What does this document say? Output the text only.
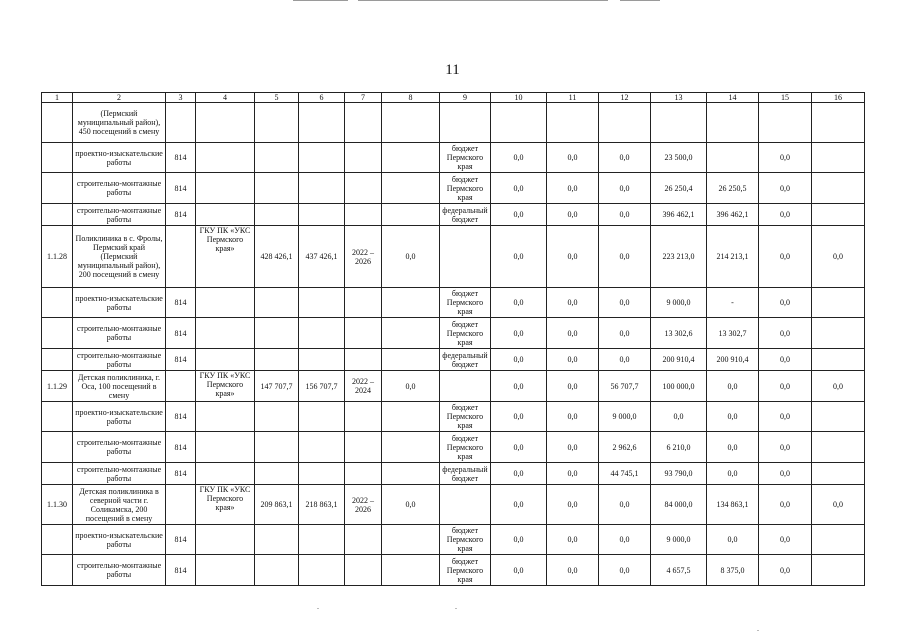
11
1	2	3	4	5	6	7	8	9	10	11	12	13	14	15	16
	(Пермский муниципальный район), 450 посещений в смену														
	проектно-изыскательские работы	814						бюджет Пермского края	0,0	0,0	0,0	23 500,0		0,0	
	строительно-монтажные работы	814						бюджет Пермского края	0,0	0,0	0,0	26 250,4	26 250,5	0,0	
	строительно-монтажные работы	814						федеральный бюджет	0,0	0,0	0,0	396 462,1	396 462,1	0,0	
1.1.28	Поликлиника в с. Фролы, Пермский край (Пермский муниципальный район), 200 посещений в смену		ГКУ ПК «УКС Пермского края»	428 426,1	437 426,1	2022 – 2026	0,0		0,0	0,0	0,0	223 213,0	214 213,1	0,0	0,0
	проектно-изыскательские работы	814						бюджет Пермского края	0,0	0,0	0,0	9 000,0	-	0,0	
	строительно-монтажные работы	814						бюджет Пермского края	0,0	0,0	0,0	13 302,6	13 302,7	0,0	
	строительно-монтажные работы	814						федеральный бюджет	0,0	0,0	0,0	200 910,4	200 910,4	0,0	
1.1.29	Детская поликлиника, г. Оса, 100 посещений в смену		ГКУ ПК «УКС Пермского края»	147 707,7	156 707,7	2022 – 2024	0,0		0,0	0,0	56 707,7	100 000,0	0,0	0,0	0,0
	проектно-изыскательские работы	814						бюджет Пермского края	0,0	0,0	9 000,0	0,0	0,0	0,0	
	строительно-монтажные работы	814						бюджет Пермского края	0,0	0,0	2 962,6	6 210,0	0,0	0,0	
	строительно-монтажные работы	814						федеральный бюджет	0,0	0,0	44 745,1	93 790,0	0,0	0,0	
1.1.30	Детская поликлиника в северной части г. Соликамска, 200 посещений в смену		ГКУ ПК «УКС Пермского края»	209 863,1	218 863,1	2022 – 2026	0,0		0,0	0,0	0,0	84 000,0	134 863,1	0,0	0,0
	проектно-изыскательские работы	814						бюджет Пермского края	0,0	0,0	0,0	9 000,0	0,0	0,0	
	строительно-монтажные работы	814						бюджет Пермского края	0,0	0,0	0,0	4 657,5	8 375,0	0,0	
